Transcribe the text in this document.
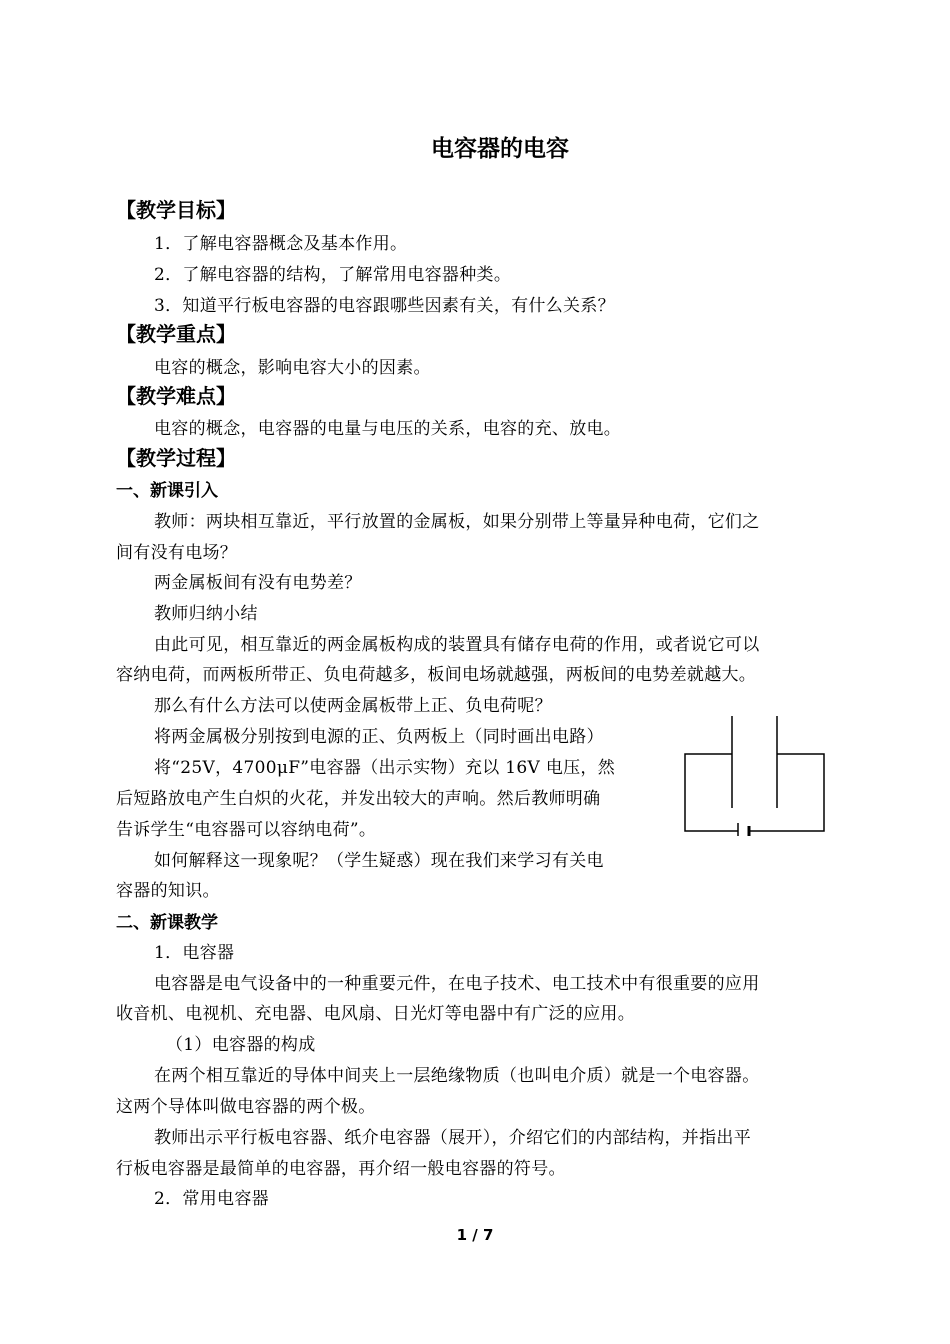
电容器的电容
【教学目标】
1．了解电容器概念及基本作用。
2．了解电容器的结构，了解常用电容器种类。
3．知道平行板电容器的电容跟哪些因素有关，有什么关系？
【教学重点】
电容的概念，影响电容大小的因素。
【教学难点】
电容的概念，电容器的电量与电压的关系，电容的充、放电。
【教学过程】
一、新课引入
教师：两块相互靠近，平行放置的金属板，如果分别带上等量异种电荷，它们之
间有没有电场？
两金属板间有没有电势差？
教师归纳小结
由此可见，相互靠近的两金属板构成的装置具有储存电荷的作用，或者说它可以
容纳电荷，而两板所带正、负电荷越多，板间电场就越强，两板间的电势差就越大。
那么有什么方法可以使两金属板带上正、负电荷呢？
将两金属极分别按到电源的正、负两板上（同时画出电路）
将“25V，4700μF”电容器（出示实物）充以 16V 电压，然
后短路放电产生白炽的火花，并发出较大的声响。然后教师明确
告诉学生“电容器可以容纳电荷”。
如何解释这一现象呢？（学生疑惑）现在我们来学习有关电
容器的知识。
二、新课教学
1．电容器
电容器是电气设备中的一种重要元件，在电子技术、电工技术中有很重要的应用
收音机、电视机、充电器、电风扇、日光灯等电器中有广泛的应用。
（1）电容器的构成
在两个相互靠近的导体中间夹上一层绝缘物质（也叫电介质）就是一个电容器。
这两个导体叫做电容器的两个极。
教师出示平行板电容器、纸介电容器（展开），介绍它们的内部结构，并指出平
行板电容器是最简单的电容器，再介绍一般电容器的符号。
2．常用电容器
1 / 7
